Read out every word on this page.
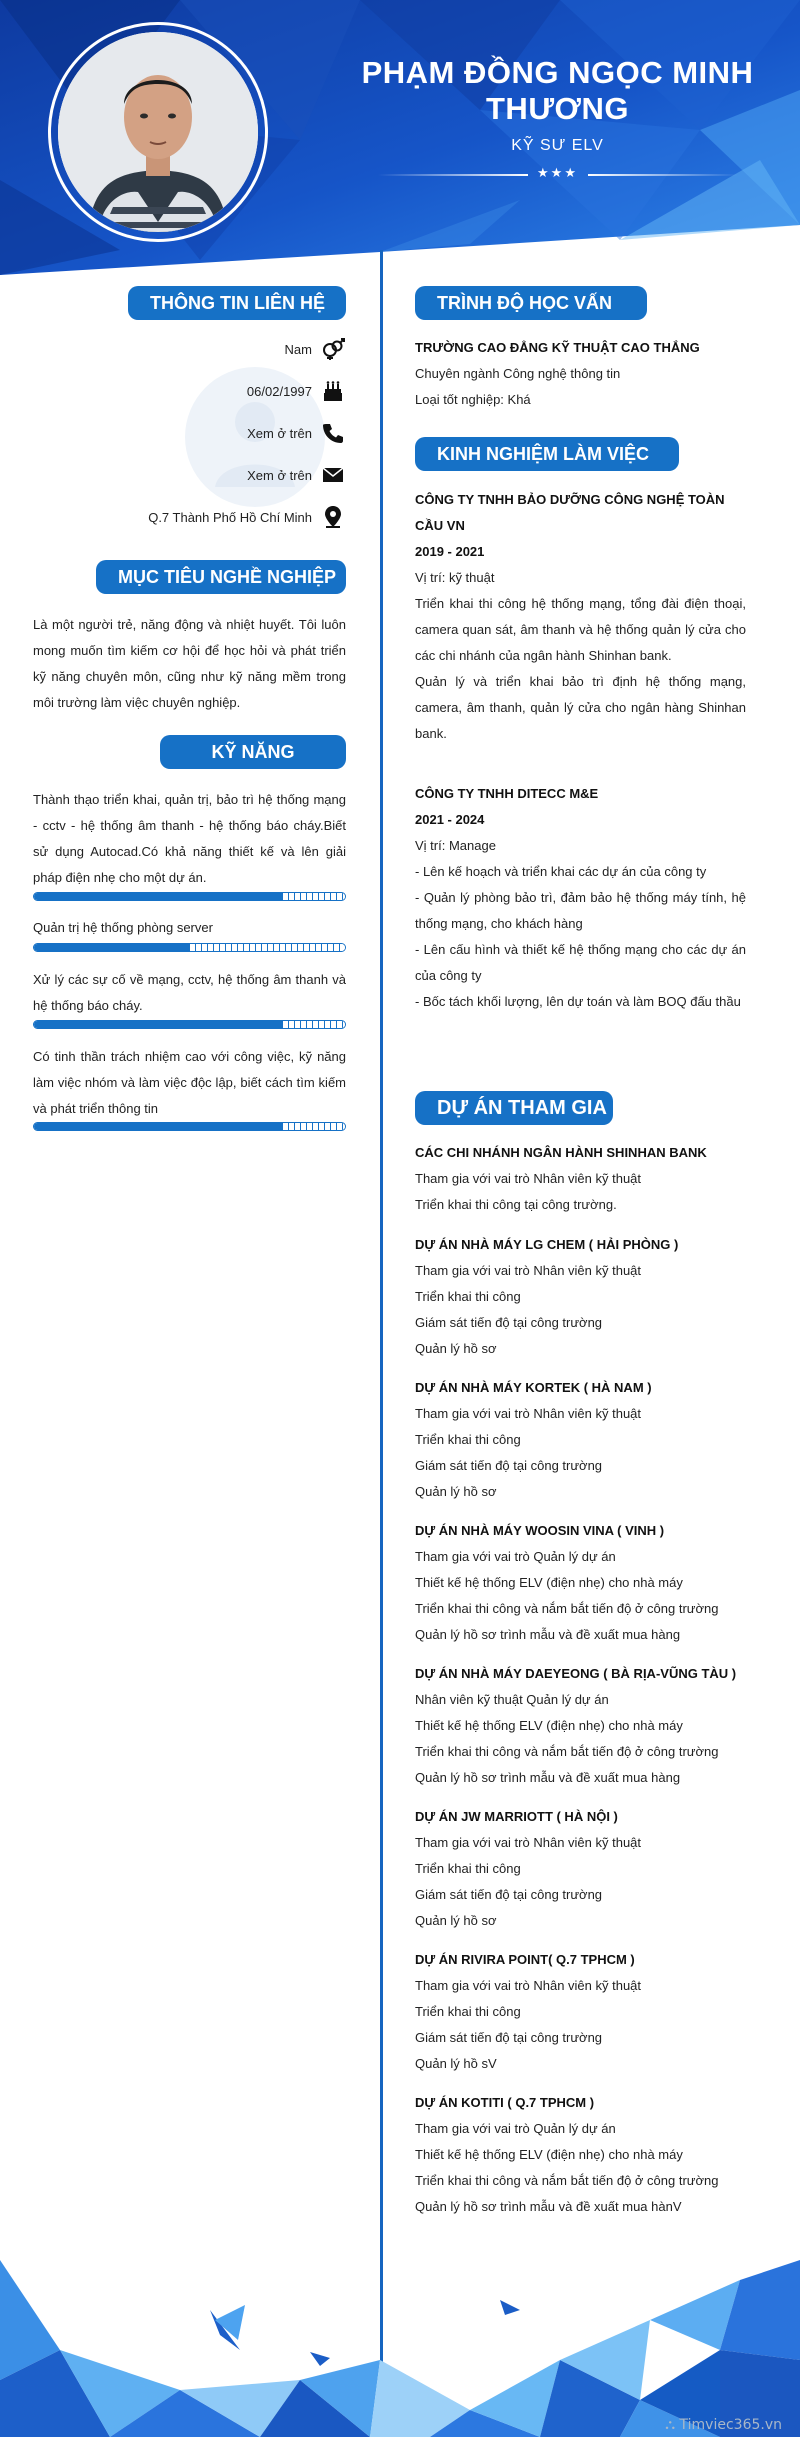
PHẠM ĐỒNG NGỌC MINH THƯƠNG
KỸ SƯ ELV
★★★
THÔNG TIN LIÊN HỆ
Nam
06/02/1997
Xem ở trên
Xem ở trên
Q.7 Thành Phố Hồ Chí Minh
MỤC TIÊU NGHỀ NGHIỆP

Là một người trẻ, năng động và nhiệt huyết. Tôi luôn mong muốn tìm kiếm cơ hội để học hỏi và phát triển kỹ năng chuyên môn, cũng như kỹ năng mềm trong môi trường làm việc chuyên nghiệp.

KỸ NĂNG

Thành thạo triển khai, quản trị, bảo trì hệ thống mạng - cctv - hệ thống âm thanh - hệ thống báo cháy.Biết sử dụng Autocad.Có khả năng thiết kế và lên giải pháp điện nhẹ cho một dự án.

Quản trị hệ thống phòng server

Xử lý các sự cố về mạng, cctv, hệ thống âm thanh và hệ thống báo cháy.

Có tinh thần trách nhiệm cao với công việc, kỹ năng làm việc nhóm và làm việc độc lập, biết cách tìm kiếm và phát triển thông tin

TRÌNH ĐỘ HỌC VẤN
TRƯỜNG CAO ĐẲNG KỸ THUẬT CAO THẮNG
Chuyên ngành Công nghệ thông tin
Loại tốt nghiệp: Khá
KINH NGHIỆM LÀM VIỆC
CÔNG TY TNHH BẢO DƯỠNG CÔNG NGHỆ TOÀN CẦU VN
2019 - 2021
Vị trí: kỹ thuật

Triển khai thi công hệ thống mạng, tổng đài điện thoại, camera quan sát, âm thanh và hệ thống quản lý cửa cho các chi nhánh của ngân hành Shinhan bank.

Quản lý và triển khai bảo trì định hệ thống mạng, camera, âm thanh, quản lý cửa cho ngân hàng Shinhan bank.

CÔNG TY TNHH DITECC M&E
2021 - 2024
Vị trí: Manage

- Lên kế hoạch và triển khai các dự án của công ty

- Quản lý phòng bảo trì, đảm bảo hệ thống máy tính, hệ thống mạng, cho khách hàng

- Lên cấu hình và thiết kế hệ thống mạng cho các dự án của công ty

- Bốc tách khối lượng, lên dự toán và làm BOQ đấu thầu

DỰ ÁN THAM GIA
CÁC CHI NHÁNH NGÂN HÀNH SHINHAN BANK
Tham gia với vai trò Nhân viên kỹ thuật
Triển khai thi công tại công trường.
DỰ ÁN NHÀ MÁY LG CHEM ( HẢI PHÒNG )
Tham gia với vai trò Nhân viên kỹ thuật
Triển khai thi công
Giám sát tiến độ tại công trường
Quản lý hồ sơ
DỰ ÁN NHÀ MÁY KORTEK ( HÀ NAM )
Tham gia với vai trò Nhân viên kỹ thuật
Triển khai thi công
Giám sát tiến độ tại công trường
Quản lý hồ sơ
DỰ ÁN NHÀ MÁY WOOSIN VINA ( VINH )
Tham gia với vai trò Quản lý dự án
Thiết kế hệ thống ELV (điện nhẹ) cho nhà máy
Triển khai thi công và nắm bắt tiến độ ở công trường
Quản lý hồ sơ trình mẫu và đề xuất mua hàng
DỰ ÁN NHÀ MÁY DAEYEONG ( BÀ RỊA-VŨNG TÀU )
Nhân viên kỹ thuật Quản lý dự án
Thiết kế hệ thống ELV (điện nhẹ) cho nhà máy
Triển khai thi công và nắm bắt tiến độ ở công trường
Quản lý hồ sơ trình mẫu và đề xuất mua hàng
DỰ ÁN JW MARRIOTT ( HÀ NỘI )
Tham gia với vai trò Nhân viên kỹ thuật
Triển khai thi công
Giám sát tiến độ tại công trường
Quản lý hồ sơ
DỰ ÁN RIVIRA POINT( Q.7 TPHCM )
Tham gia với vai trò Nhân viên kỹ thuật
Triển khai thi công
Giám sát tiến độ tại công trường
Quản lý hồ sV
DỰ ÁN KOTITI ( Q.7 TPHCM )
Tham gia với vai trò Quản lý dự án
Thiết kế hệ thống ELV (điện nhẹ) cho nhà máy
Triển khai thi công và nắm bắt tiến độ ở công trường
Quản lý hồ sơ trình mẫu và đề xuất mua hànV
⛬ Timviec365.vn
